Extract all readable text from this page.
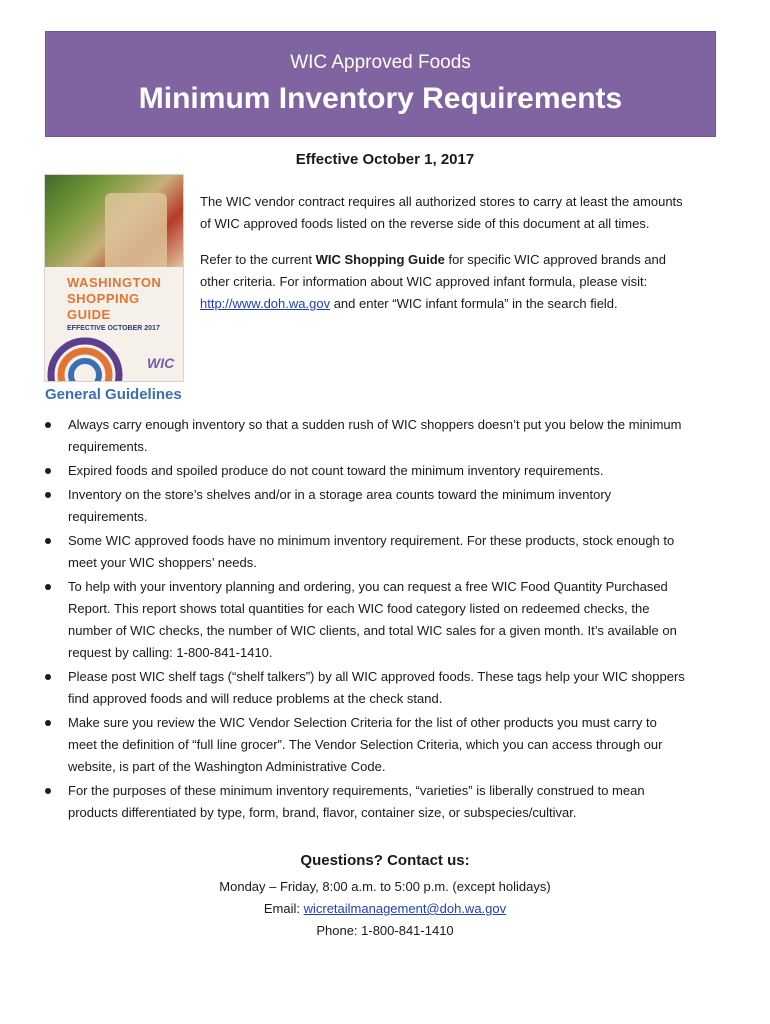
WIC Approved Foods
Minimum Inventory Requirements
Effective October 1, 2017
WASHINGTON
SHOPPING
GUIDE
EFFECTIVE OCTOBER 2017
WIC

The WIC vendor contract requires all authorized stores to carry at least the amounts of WIC approved foods listed on the reverse side of this document at all times.

Refer to the current WIC Shopping Guide for specific WIC approved brands and other criteria. For information about WIC approved infant formula, please visit: http://www.doh.wa.gov and enter “WIC infant formula” in the search field.

General Guidelines
Always carry enough inventory so that a sudden rush of WIC shoppers doesn’t put you below the minimum requirements.
Expired foods and spoiled produce do not count toward the minimum inventory requirements.
Inventory on the store’s shelves and/or in a storage area counts toward the minimum inventory requirements.
Some WIC approved foods have no minimum inventory requirement. For these products, stock enough to meet your WIC shoppers’ needs.
To help with your inventory planning and ordering, you can request a free WIC Food Quantity Purchased Report. This report shows total quantities for each WIC food category listed on redeemed checks, the number of WIC checks, the number of WIC clients, and total WIC sales for a given month. It’s available on request by calling: 1-800-841-1410.
Please post WIC shelf tags (“shelf talkers”) by all WIC approved foods. These tags help your WIC shoppers find approved foods and will reduce problems at the check stand.
Make sure you review the WIC Vendor Selection Criteria for the list of other products you must carry to meet the definition of “full line grocer”. The Vendor Selection Criteria, which you can access through our website, is part of the Washington Administrative Code.
For the purposes of these minimum inventory requirements, “varieties” is liberally construed to mean products differentiated by type, form, brand, flavor, container size, or subspecies/cultivar.
Questions? Contact us:
Monday – Friday, 8:00 a.m. to 5:00 p.m. (except holidays)
Email: wicretailmanagement@doh.wa.gov
Phone: 1-800-841-1410
